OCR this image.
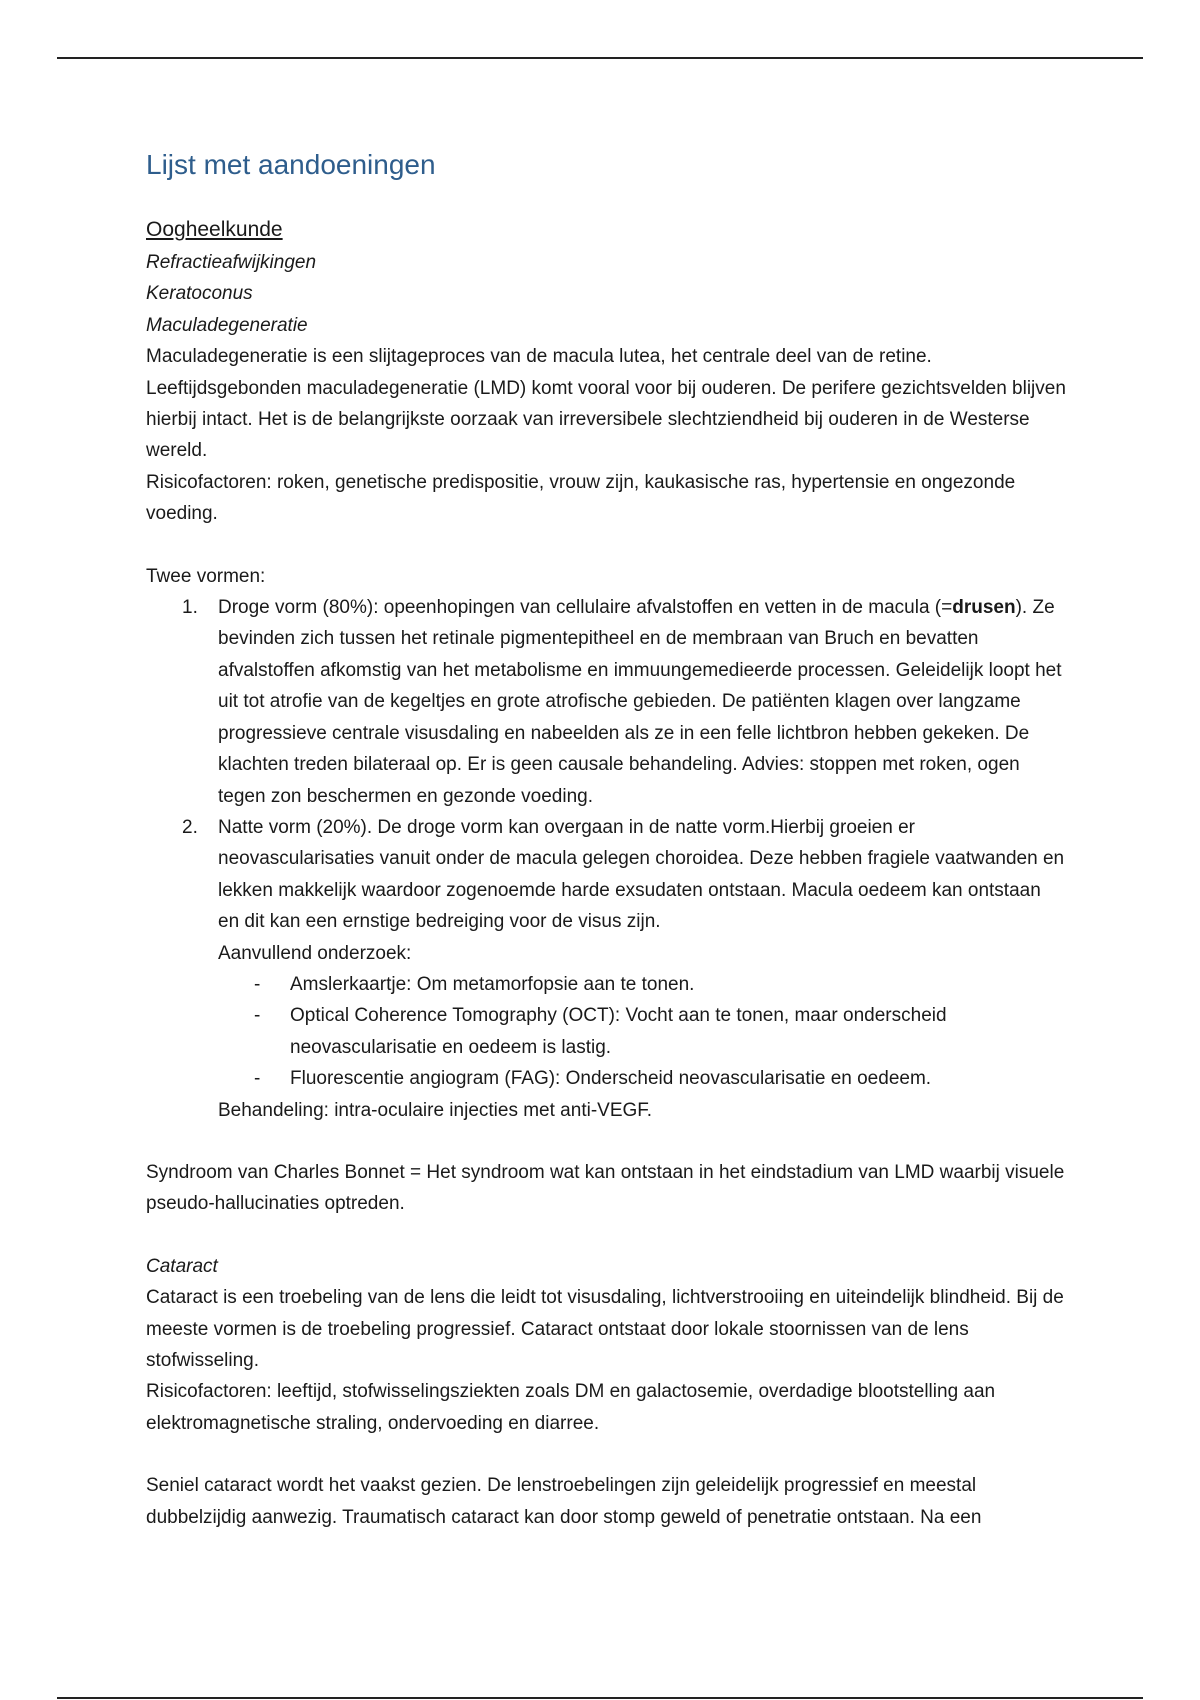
Lijst met aandoeningen

Oogheelkunde

Refractieafwijkingen

Keratoconus

Maculadegeneratie

Maculadegeneratie is een slijtageproces van de macula lutea, het centrale deel van de retine. Leeftijdsgebonden maculadegeneratie (LMD) komt vooral voor bij ouderen. De perifere gezichtsvelden blijven hierbij intact. Het is de belangrijkste oorzaak van irreversibele slechtziendheid bij ouderen in de Westerse wereld.

Risicofactoren: roken, genetische predispositie, vrouw zijn, kaukasische ras, hypertensie en ongezonde voeding.

Twee vormen:

1. Droge vorm (80%): opeenhopingen van cellulaire afvalstoffen en vetten in de macula (=drusen). Ze bevinden zich tussen het retinale pigmentepitheel en de membraan van Bruch en bevatten afvalstoffen afkomstig van het metabolisme en immuungemedieerde processen. Geleidelijk loopt het uit tot atrofie van de kegeltjes en grote atrofische gebieden. De patiënten klagen over langzame progressieve centrale visusdaling en nabeelden als ze in een felle lichtbron hebben gekeken. De klachten treden bilateraal op. Er is geen causale behandeling. Advies: stoppen met roken, ogen tegen zon beschermen en gezonde voeding.
2. Natte vorm (20%). De droge vorm kan overgaan in de natte vorm.Hierbij groeien er neovascularisaties vanuit onder de macula gelegen choroidea. Deze hebben fragiele vaatwanden en lekken makkelijk waardoor zogenoemde harde exsudaten ontstaan. Macula oedeem kan ontstaan en dit kan een ernstige bedreiging voor de visus zijn.
Aanvullend onderzoek:
- Amslerkaartje: Om metamorfopsie aan te tonen.
- Optical Coherence Tomography (OCT): Vocht aan te tonen, maar onderscheid neovascularisatie en oedeem is lastig.
- Fluorescentie angiogram (FAG): Onderscheid neovascularisatie en oedeem.
Behandeling: intra-oculaire injecties met anti-VEGF.

Syndroom van Charles Bonnet = Het syndroom wat kan ontstaan in het eindstadium van LMD waarbij visuele pseudo-hallucinaties optreden.

Cataract

Cataract is een troebeling van de lens die leidt tot visusdaling, lichtverstrooiing en uiteindelijk blindheid. Bij de meeste vormen is de troebeling progressief. Cataract ontstaat door lokale stoornissen van de lens stofwisseling.

Risicofactoren: leeftijd, stofwisselingsziekten zoals DM en galactosemie, overdadige blootstelling aan elektromagnetische straling, ondervoeding en diarree.

Seniel cataract wordt het vaakst gezien. De lenstroebelingen zijn geleidelijk progressief en meestal dubbelzijdig aanwezig. Traumatisch cataract kan door stomp geweld of penetratie ontstaan. Na een
